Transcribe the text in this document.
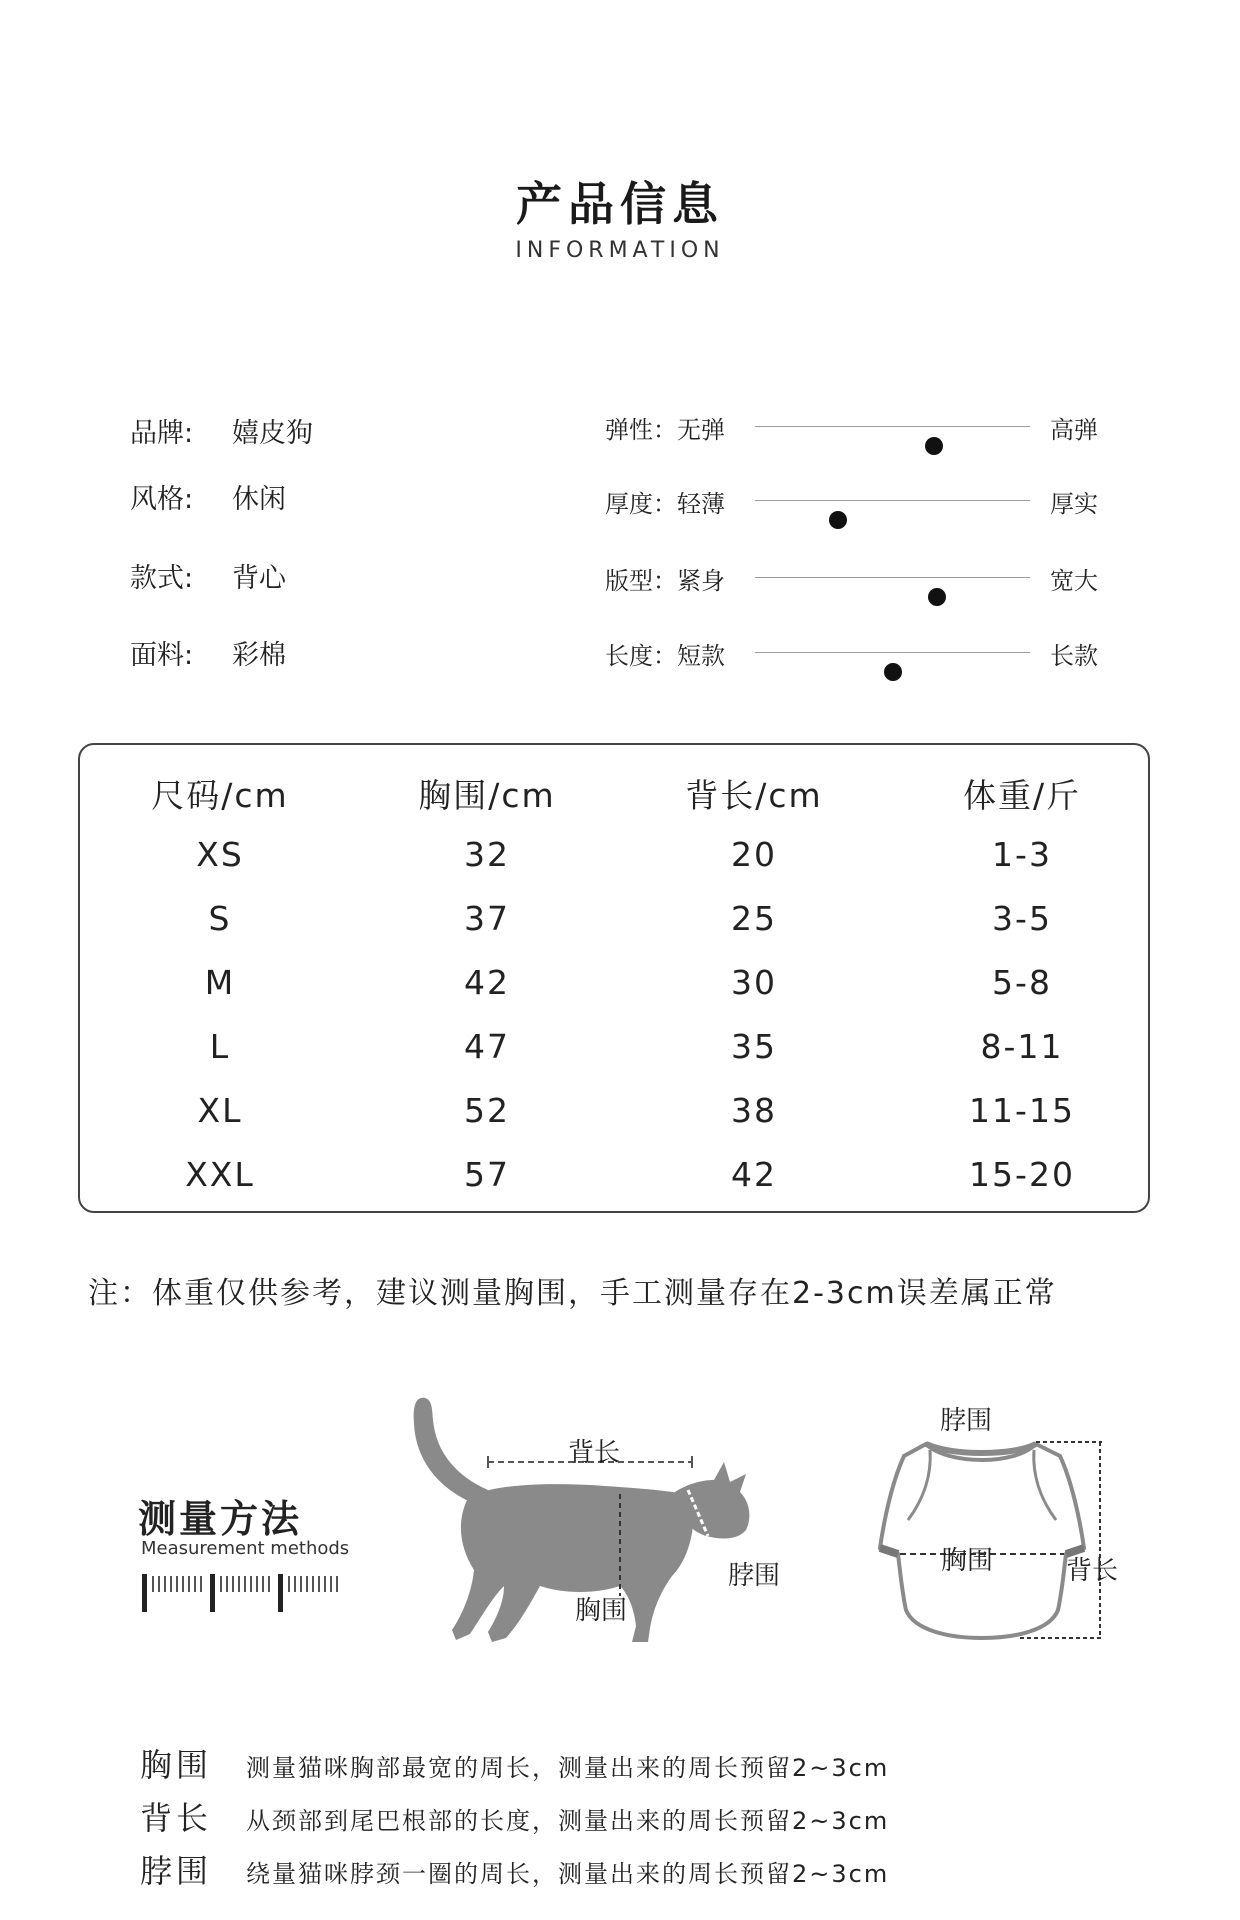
产品信息
INFORMATION
品牌: 嬉皮狗
风格: 休闲
款式: 背心
面料: 彩棉
弹性：无弹	高弹
厚度：轻薄	厚实
版型：紧身	宽大
长度：短款	长款
尺码/cm	胸围/cm	背长/cm	体重/斤
XS	32	20	1-3
S	37	25	3-5
M	42	30	5-8
L	47	35	8-11
XL	52	38	11-15
XXL	57	42	15-20
注：体重仅供参考，建议测量胸围，手工测量存在2-3cm误差属正常
测量方法
Measurement methods
背长
脖围
胸围
脖围
胸围	背长
胸围 测量猫咪胸部最宽的周长，测量出来的周长预留2~3cm
背长 从颈部到尾巴根部的长度，测量出来的周长预留2~3cm
脖围 绕量猫咪脖颈一圈的周长，测量出来的周长预留2~3cm
